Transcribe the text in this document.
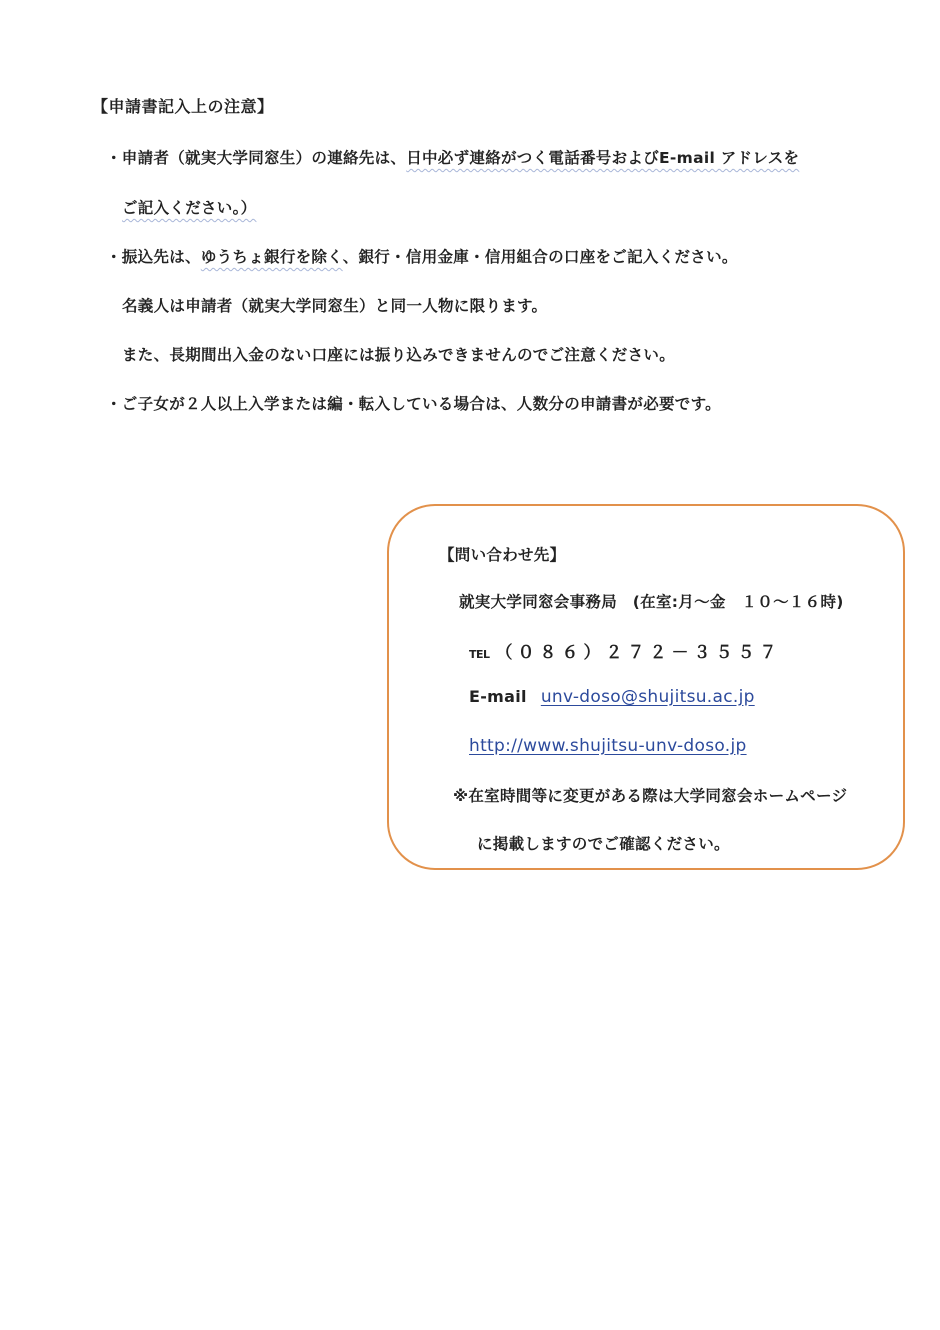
【申請書記入上の注意】
・申請者（就実大学同窓生）の連絡先は、日中必ず連絡がつく電話番号およびE-mail アドレスを
ご記入ください。）
・振込先は、ゆうちょ銀行を除く、銀行・信用金庫・信用組合の口座をご記入ください。
名義人は申請者（就実大学同窓生）と同一人物に限ります。
また、長期間出入金のない口座には振り込みできませんのでご注意ください。
・ご子女が２人以上入学または編・転入している場合は、人数分の申請書が必要です。
【問い合わせ先】
就実大学同窓会事務局　(在室:月～金　１０～１６時)
TEL （０８６）２７２－３５５７
E-mail unv-doso@shujitsu.ac.jp
http://www.shujitsu-unv-doso.jp
※在室時間等に変更がある際は大学同窓会ホームページ
に掲載しますのでご確認ください。
